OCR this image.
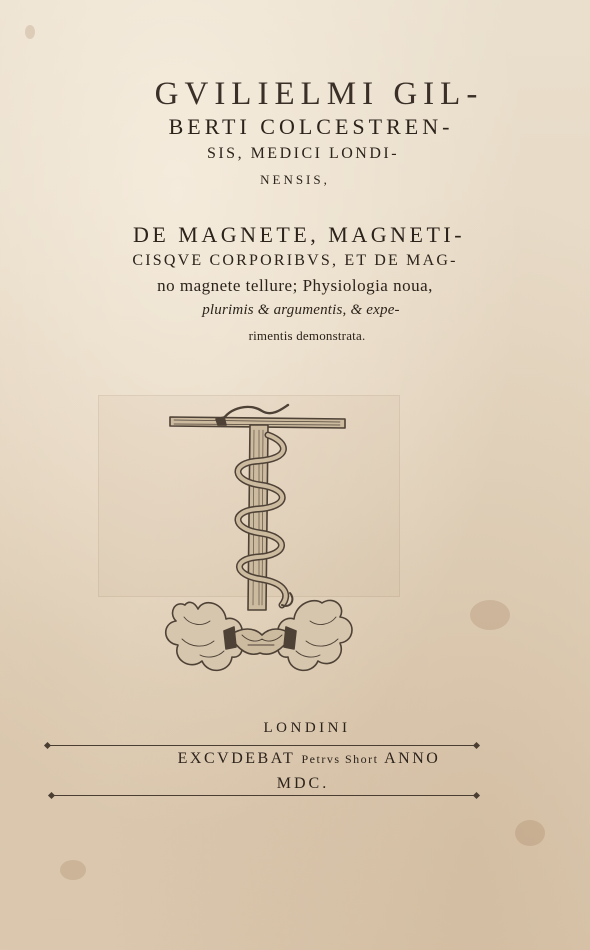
GVILIELMI GIL-

BERTI COLCESTREN-

SIS, MEDICI LONDI-

NENSIS,

DE MAGNETE, MAGNETI-

CISQVE CORPORIBVS, ET DE MAG-

no magnete tellure; Physiologia noua,

plurimis & argumentis, & expe-

rimentis demonstrata.

LONDINI

EXCVDEBAT Petrvs Short ANNO

MDC.
